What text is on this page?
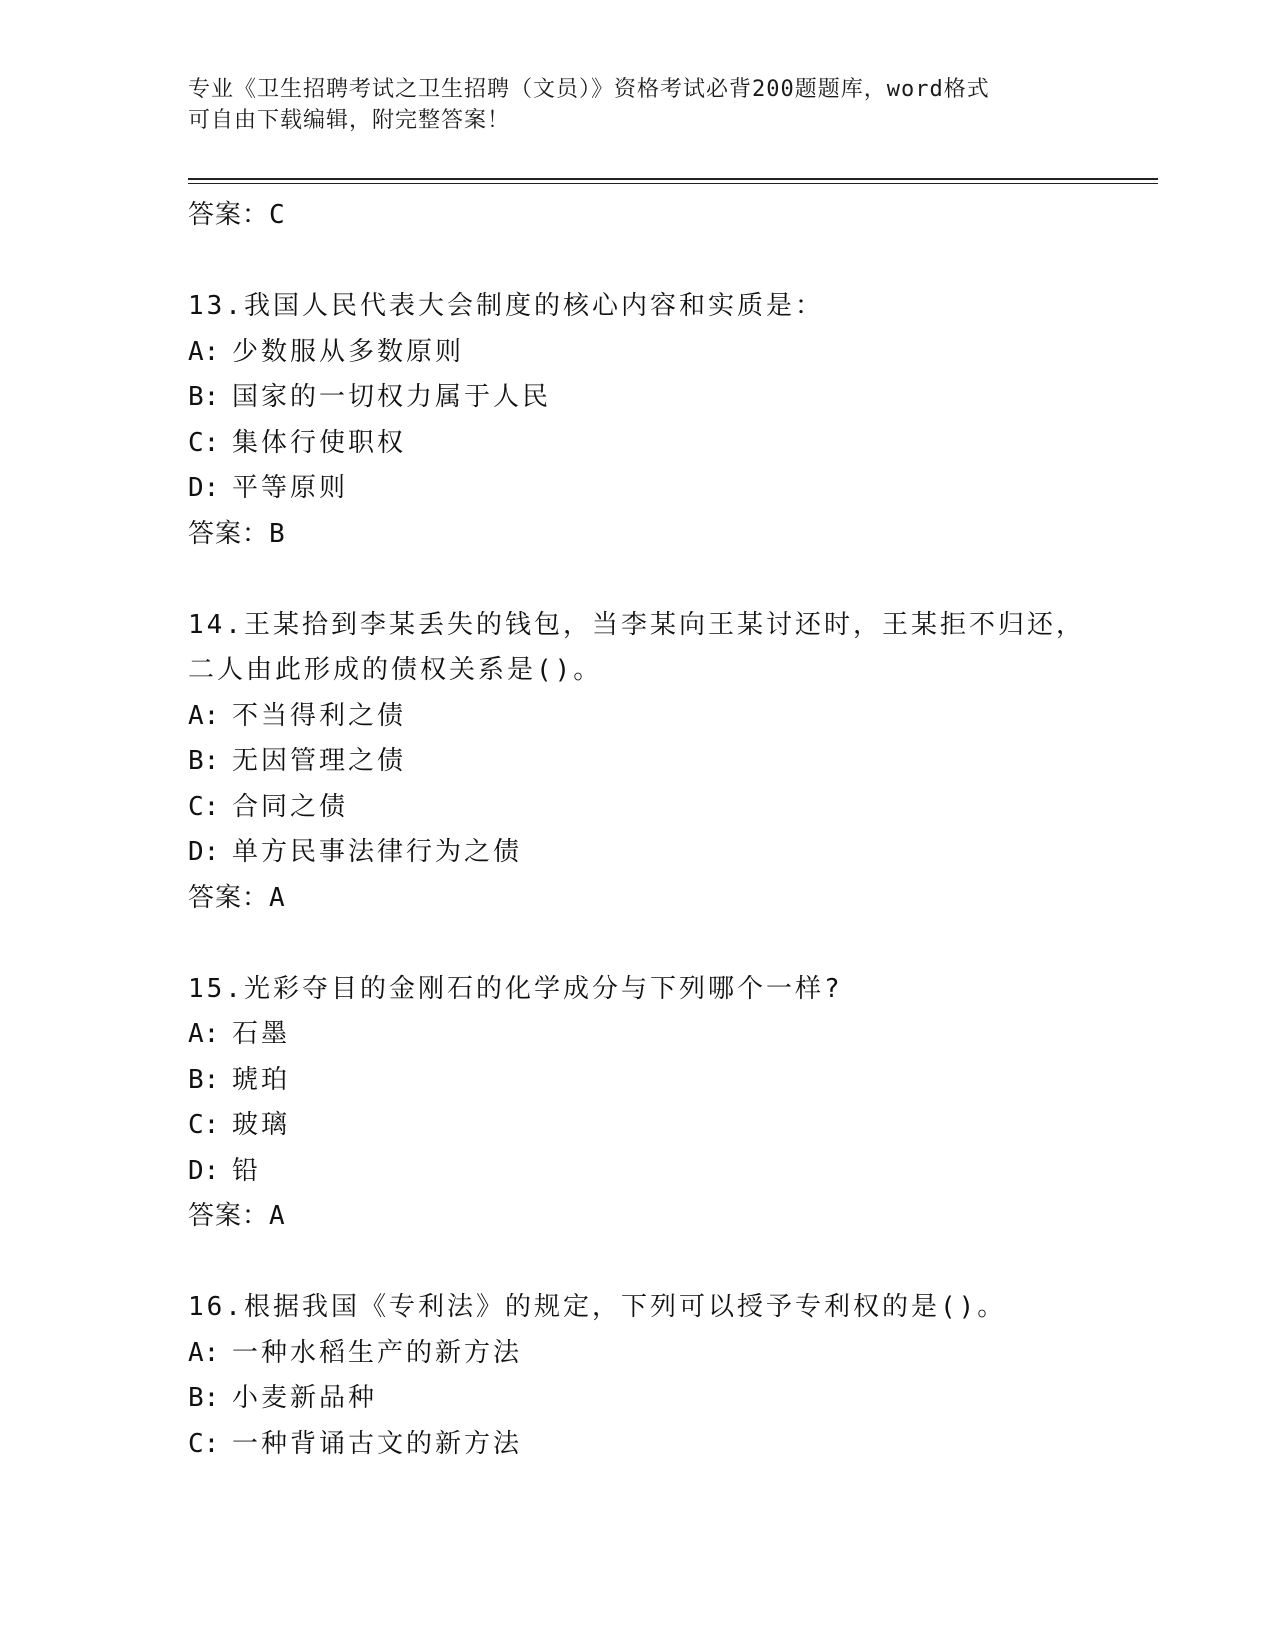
专业《卫生招聘考试之卫生招聘（文员）》资格考试必背200题题库，word格式
可自由下载编辑，附完整答案！
答案：C
13.我国人民代表大会制度的核心内容和实质是：
A: 少数服从多数原则
B: 国家的一切权力属于人民
C: 集体行使职权
D: 平等原则
答案：B
14.王某拾到李某丢失的钱包，当李某向王某讨还时，王某拒不归还，
二人由此形成的债权关系是()。
A: 不当得利之债
B: 无因管理之债
C: 合同之债
D: 单方民事法律行为之债
答案：A
15.光彩夺目的金刚石的化学成分与下列哪个一样?
A: 石墨
B: 琥珀
C: 玻璃
D: 铅
答案：A
16.根据我国《专利法》的规定，下列可以授予专利权的是()。
A: 一种水稻生产的新方法
B: 小麦新品种
C: 一种背诵古文的新方法
